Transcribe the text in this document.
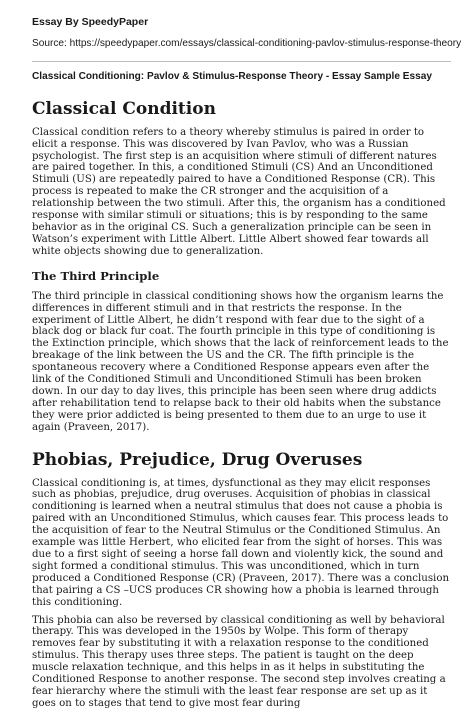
Essay By SpeedyPaper

Source: https://speedypaper.com/essays/classical-conditioning-pavlov-stimulus-response-theory

Classical Conditioning: Pavlov & Stimulus-Response Theory - Essay Sample Essay

Classical Condition

Classical condition refers to a theory whereby stimulus is paired in order to elicit a response. This was discovered by Ivan Pavlov, who was a Russian psychologist. The first step is an acquisition where stimuli of different natures are paired together. In this, a conditioned Stimuli (CS) And an Unconditioned Stimuli (US) are repeatedly paired to have a Conditioned Response (CR). This process is repeated to make the CR stronger and the acquisition of a relationship between the two stimuli. After this, the organism has a conditioned response with similar stimuli or situations; this is by responding to the same behavior as in the original CS. Such a generalization principle can be seen in Watson’s experiment with Little Albert. Little Albert showed fear towards all white objects showing due to generalization.

The Third Principle

The third principle in classical conditioning shows how the organism learns the differences in different stimuli and in that restricts the response. In the experiment of Little Albert, he didn’t respond with fear due to the sight of a black dog or black fur coat. The fourth principle in this type of conditioning is the Extinction principle, which shows that the lack of reinforcement leads to the breakage of the link between the US and the CR. The fifth principle is the spontaneous recovery where a Conditioned Response appears even after the link of the Conditioned Stimuli and Unconditioned Stimuli has been broken down. In our day to day lives, this principle has been seen where drug addicts after rehabilitation tend to relapse back to their old habits when the substance they were prior addicted is being presented to them due to an urge to use it again (Praveen, 2017).

Phobias, Prejudice, Drug Overuses

Classical conditioning is, at times, dysfunctional as they may elicit responses such as phobias, prejudice, drug overuses. Acquisition of phobias in classical conditioning is learned when a neutral stimulus that does not cause a phobia is paired with an Unconditioned Stimulus, which causes fear. This process leads to the acquisition of fear to the Neutral Stimulus or the Conditioned Stimulus. An example was little Herbert, who elicited fear from the sight of horses. This was due to a first sight of seeing a horse fall down and violently kick, the sound and sight formed a conditional stimulus. This was unconditioned, which in turn produced a Conditioned Response (CR) (Praveen, 2017). There was a conclusion that pairing a CS –UCS produces CR showing how a phobia is learned through this conditioning.

This phobia can also be reversed by classical conditioning as well by behavioral therapy. This was developed in the 1950s by Wolpe. This form of therapy removes fear by substituting it with a relaxation response to the conditioned stimulus. This therapy uses three steps. The patient is taught on the deep muscle relaxation technique, and this helps in as it helps in substituting the Conditioned Response to another response. The second step involves creating a fear hierarchy where the stimuli with the least fear response are set up as it goes on to stages that tend to give most fear during
